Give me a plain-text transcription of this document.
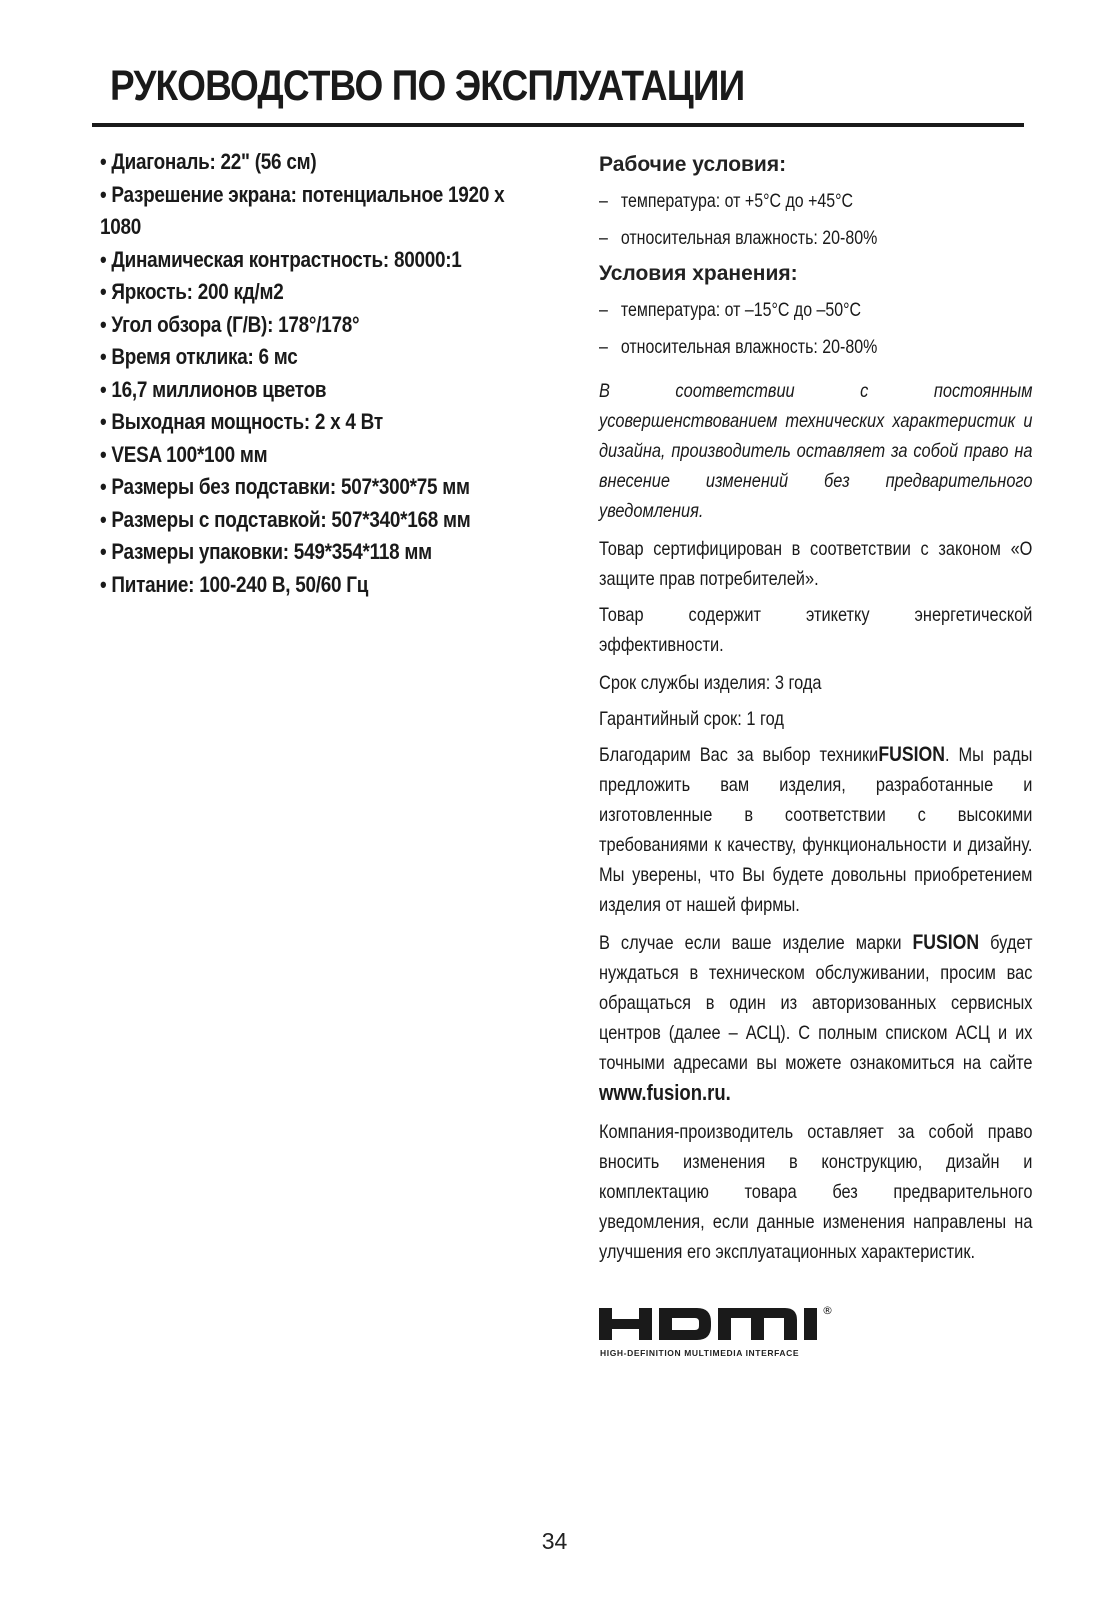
РУКОВОДСТВО ПО ЭКСПЛУАТАЦИИ
• Диагональ: 22" (56 см)
• Разрешение экрана: потенциальное 1920 х
1080
• Динамическая контрастность: 80000:1
• Яркость: 200 кд/м2
• Угол обзора (Г/В): 178°/178°
• Время отклика: 6 мс
• 16,7 миллионов цветов
• Выходная мощность: 2 х 4 Вт
• VESA 100*100 мм
• Размеры без подставки: 507*300*75 мм
• Размеры с подставкой: 507*340*168 мм
• Размеры упаковки: 549*354*118 мм
• Питание: 100-240 В, 50/60 Гц
Рабочие условия:
– температура: от +5°С до +45°С
– относительная влажность: 20-80%
Условия хранения:
– температура: от –15°С до –50°С
– относительная влажность: 20-80%

В соответствии с постоянным усовершенствованием технических характеристик и дизайна, производитель оставляет за собой право на внесение изменений без предварительного уведомления.

Товар сертифицирован в соответствии с законом «О защите прав потребителей».

Товар содержит этикетку энергетической эффективности.

Срок службы изделия: 3 года

Гарантийный срок: 1 год

Благодарим Вас за выбор техникиFUSION. Мы рады предложить вам изделия, разработанные и изготовленные в соответствии с высокими требованиями к качеству, функциональности и дизайну. Мы уверены, что Вы будете довольны приобретением изделия от нашей фирмы.

В случае если ваше изделие марки FUSION будет нуждаться в техническом обслуживании, просим вас обращаться в один из авторизованных сервисных центров (далее – АСЦ). С полным списком АСЦ и их точными адресами вы можете ознакомиться на сайте www.fusion.ru.

Компания-производитель оставляет за собой право вносить изменения в конструкцию, дизайн и комплектацию товара без предварительного уведомления, если данные изменения направлены на улучшения его эксплуатационных характеристик.

®
HIGH-DEFINITION MULTIMEDIA INTERFACE
34
